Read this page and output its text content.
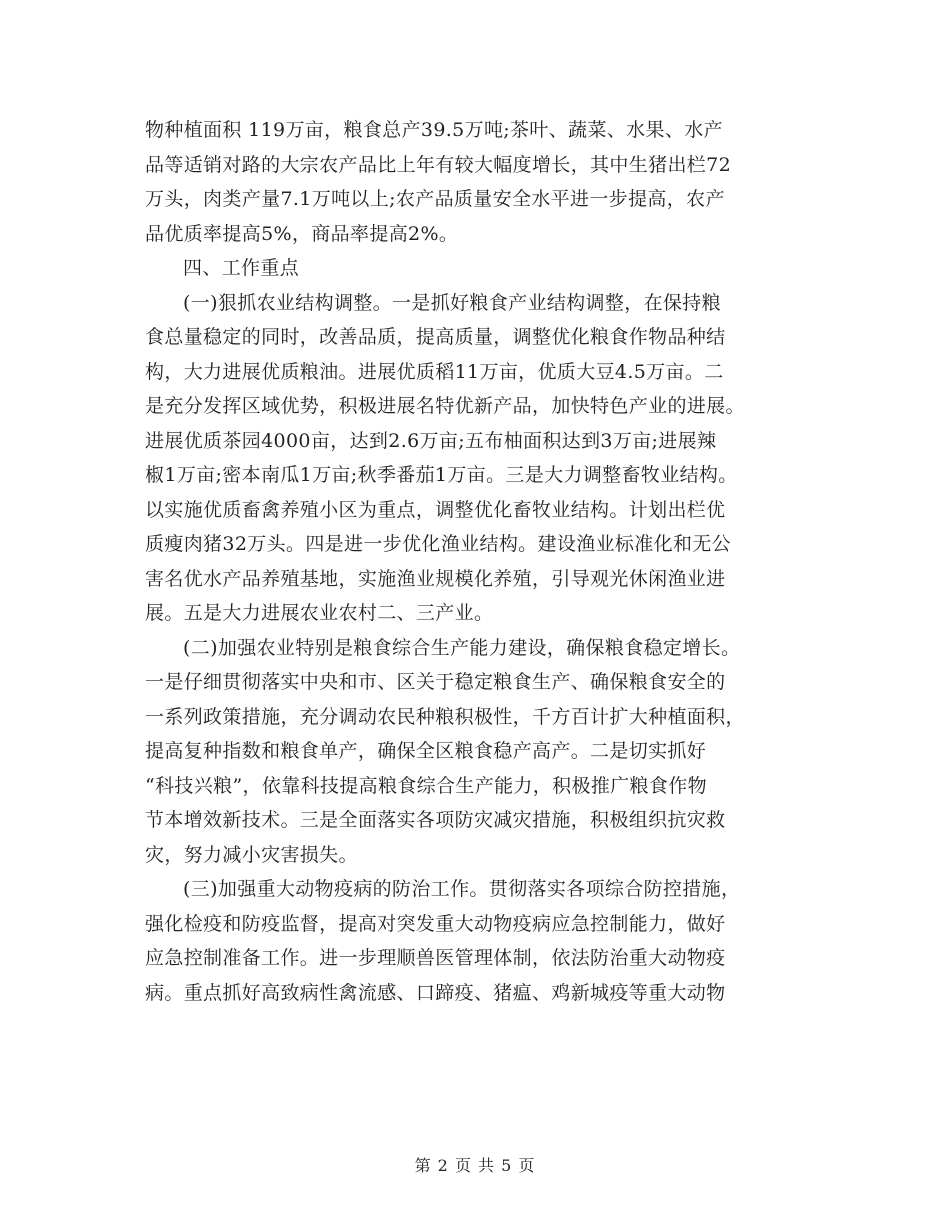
物种植面积 119万亩，粮食总产39.5万吨;茶叶、蔬菜、水果、水产
品等适销对路的大宗农产品比上年有较大幅度增长，其中生猪出栏72
万头，肉类产量7.1万吨以上;农产品质量安全水平进一步提高，农产
品优质率提高5%，商品率提高2%。
四、工作重点
(一)狠抓农业结构调整。一是抓好粮食产业结构调整，在保持粮
食总量稳定的同时，改善品质，提高质量，调整优化粮食作物品种结
构，大力进展优质粮油。进展优质稻11万亩，优质大豆4.5万亩。二
是充分发挥区域优势，积极进展名特优新产品，加快特色产业的进展。
进展优质茶园4000亩，达到2.6万亩;五布柚面积达到3万亩;进展辣
椒1万亩;密本南瓜1万亩;秋季番茄1万亩。三是大力调整畜牧业结构。
以实施优质畜禽养殖小区为重点，调整优化畜牧业结构。计划出栏优
质瘦肉猪32万头。四是进一步优化渔业结构。建设渔业标准化和无公
害名优水产品养殖基地，实施渔业规模化养殖，引导观光休闲渔业进
展。五是大力进展农业农村二、三产业。
(二)加强农业特别是粮食综合生产能力建设，确保粮食稳定增长。
一是仔细贯彻落实中央和市、区关于稳定粮食生产、确保粮食安全的
一系列政策措施，充分调动农民种粮积极性，千方百计扩大种植面积，
提高复种指数和粮食单产，确保全区粮食稳产高产。二是切实抓好
“科技兴粮”，依靠科技提高粮食综合生产能力，积极推广粮食作物
节本增效新技术。三是全面落实各项防灾减灾措施，积极组织抗灾救
灾，努力减小灾害损失。
(三)加强重大动物疫病的防治工作。贯彻落实各项综合防控措施，
强化检疫和防疫监督，提高对突发重大动物疫病应急控制能力，做好
应急控制准备工作。进一步理顺兽医管理体制，依法防治重大动物疫
病。重点抓好高致病性禽流感、口蹄疫、猪瘟、鸡新城疫等重大动物
第 2 页 共 5 页
